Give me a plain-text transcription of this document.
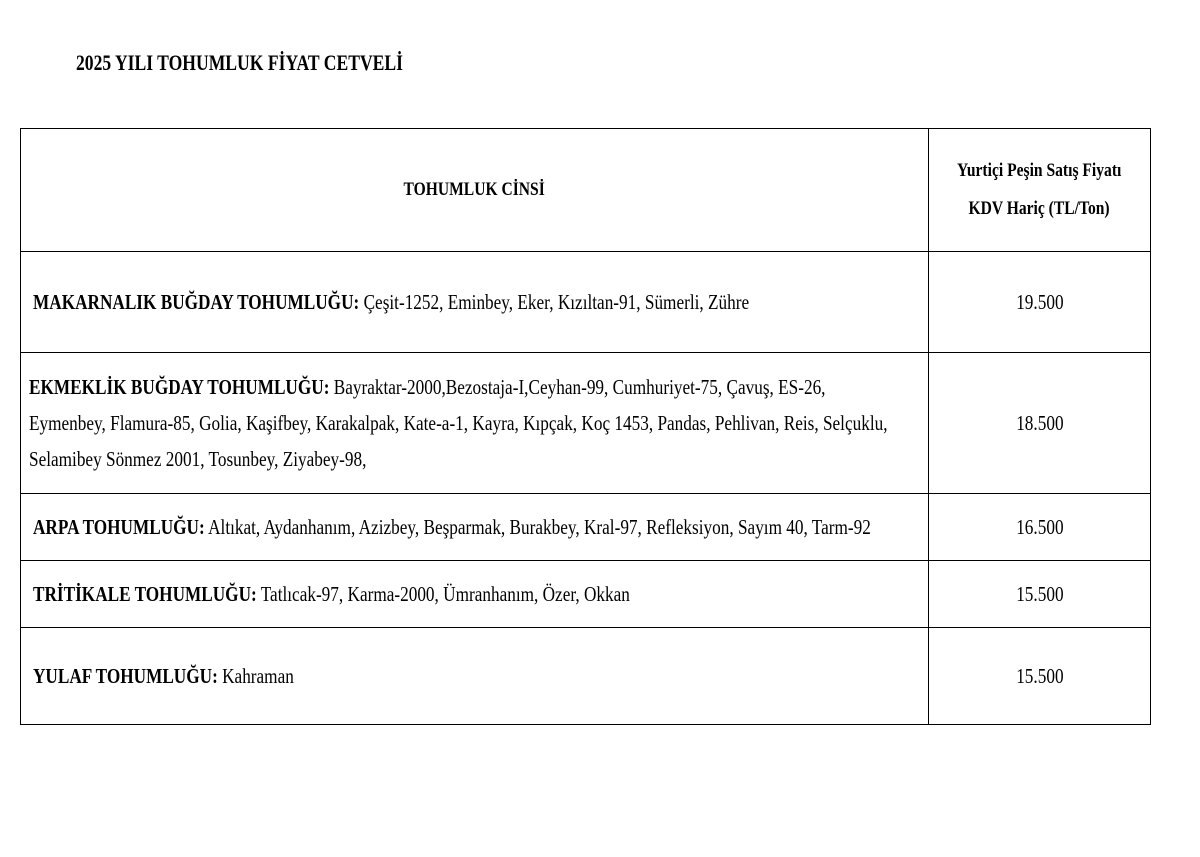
2025 YILI TOHUMLUK FİYAT CETVELİ
TOHUMLUK CİNSİ	Yurtiçi Peşin Satış Fiyatı
KDV Hariç (TL/Ton)

MAKARNALIK BUĞDAY TOHUMLUĞU: Çeşit-1252, Eminbey, Eker, Kızıltan-91, Sümerli, Zühre	19.500

EKMEKLİK BUĞDAY TOHUMLUĞU: Bayraktar-2000,Bezostaja-I,Ceyhan-99, Cumhuriyet-75, Çavuş, ES-26, Eymenbey, Flamura-85, Golia, Kaşifbey, Karakalpak, Kate-a-1, Kayra, Kıpçak, Koç 1453, Pandas, Pehlivan, Reis, Selçuklu, Selamibey Sönmez 2001, Tosunbey, Ziyabey-98,	18.500

ARPA TOHUMLUĞU: Altıkat, Aydanhanım, Azizbey, Beşparmak, Burakbey, Kral-97, Refleksiyon, Sayım 40, Tarm-92	16.500

TRİTİKALE TOHUMLUĞU: Tatlıcak-97, Karma-2000, Ümranhanım, Özer, Okkan	15.500

YULAF TOHUMLUĞU: Kahraman	15.500
